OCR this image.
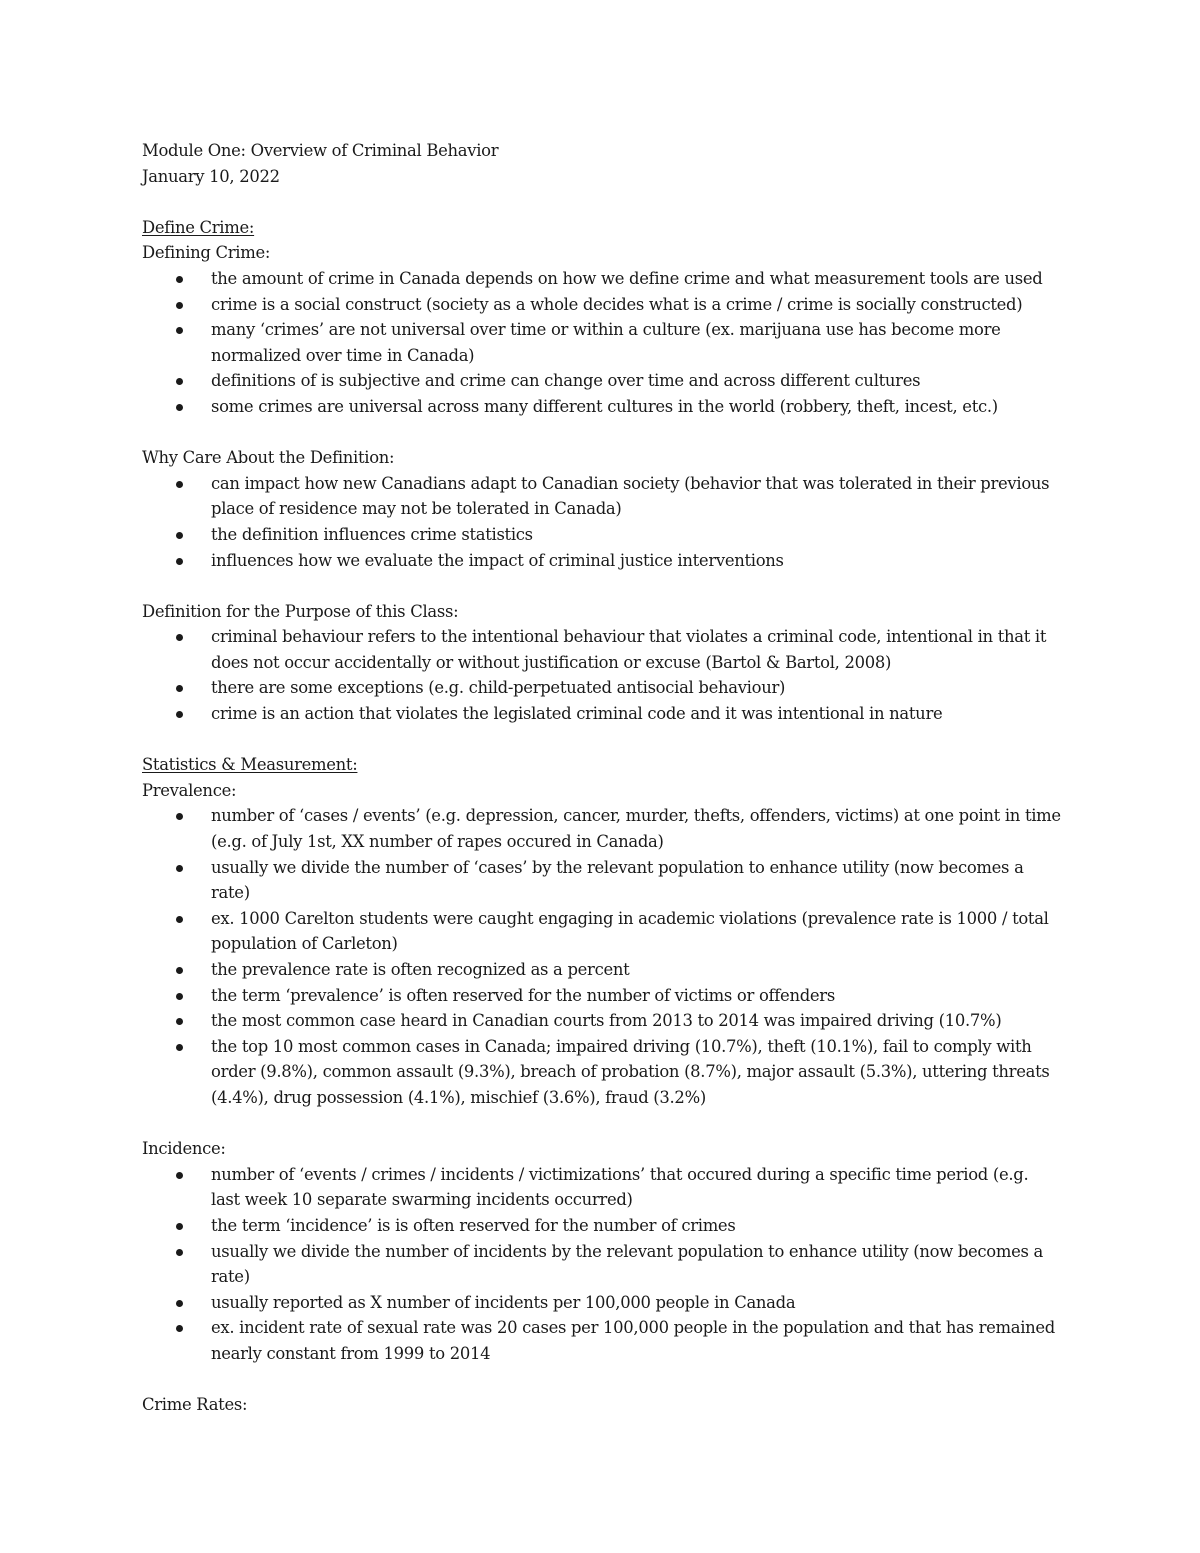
Module One: Overview of Criminal Behavior

January 10, 2022

Define Crime:

Defining Crime:

the amount of crime in Canada depends on how we define crime and what measurement tools are used
crime is a social construct (society as a whole decides what is a crime / crime is socially constructed)
many ‘crimes’ are not universal over time or within a culture (ex. marijuana use has become more normalized over time in Canada)
definitions of is subjective and crime can change over time and across different cultures
some crimes are universal across many different cultures in the world (robbery, theft, incest, etc.)

Why Care About the Definition:

can impact how new Canadians adapt to Canadian society (behavior that was tolerated in their previous place of residence may not be tolerated in Canada)
the definition influences crime statistics
influences how we evaluate the impact of criminal justice interventions

Definition for the Purpose of this Class:

criminal behaviour refers to the intentional behaviour that violates a criminal code, intentional in that it does not occur accidentally or without justification or excuse (Bartol & Bartol, 2008)
there are some exceptions (e.g. child-perpetuated antisocial behaviour)
crime is an action that violates the legislated criminal code and it was intentional in nature

Statistics & Measurement:

Prevalence:

number of ‘cases / events’ (e.g. depression, cancer, murder, thefts, offenders, victims) at one point in time (e.g. of July 1st, XX number of rapes occured in Canada)
usually we divide the number of ‘cases’ by the relevant population to enhance utility (now becomes a rate)
ex. 1000 Carelton students were caught engaging in academic violations (prevalence rate is 1000 / total population of Carleton)
the prevalence rate is often recognized as a percent
the term ‘prevalence’ is often reserved for the number of victims or offenders
the most common case heard in Canadian courts from 2013 to 2014 was impaired driving (10.7%)
the top 10 most common cases in Canada; impaired driving (10.7%), theft (10.1%), fail to comply with order (9.8%), common assault (9.3%), breach of probation (8.7%), major assault (5.3%), uttering threats (4.4%), drug possession (4.1%), mischief (3.6%), fraud (3.2%)

Incidence:

number of ‘events / crimes / incidents / victimizations’ that occured during a specific time period (e.g. last week 10 separate swarming incidents occurred)
the term ‘incidence’ is is often reserved for the number of crimes
usually we divide the number of incidents by the relevant population to enhance utility (now becomes a rate)
usually reported as X number of incidents per 100,000 people in Canada
ex. incident rate of sexual rate was 20 cases per 100,000 people in the population and that has remained nearly constant from 1999 to 2014

Crime Rates:
